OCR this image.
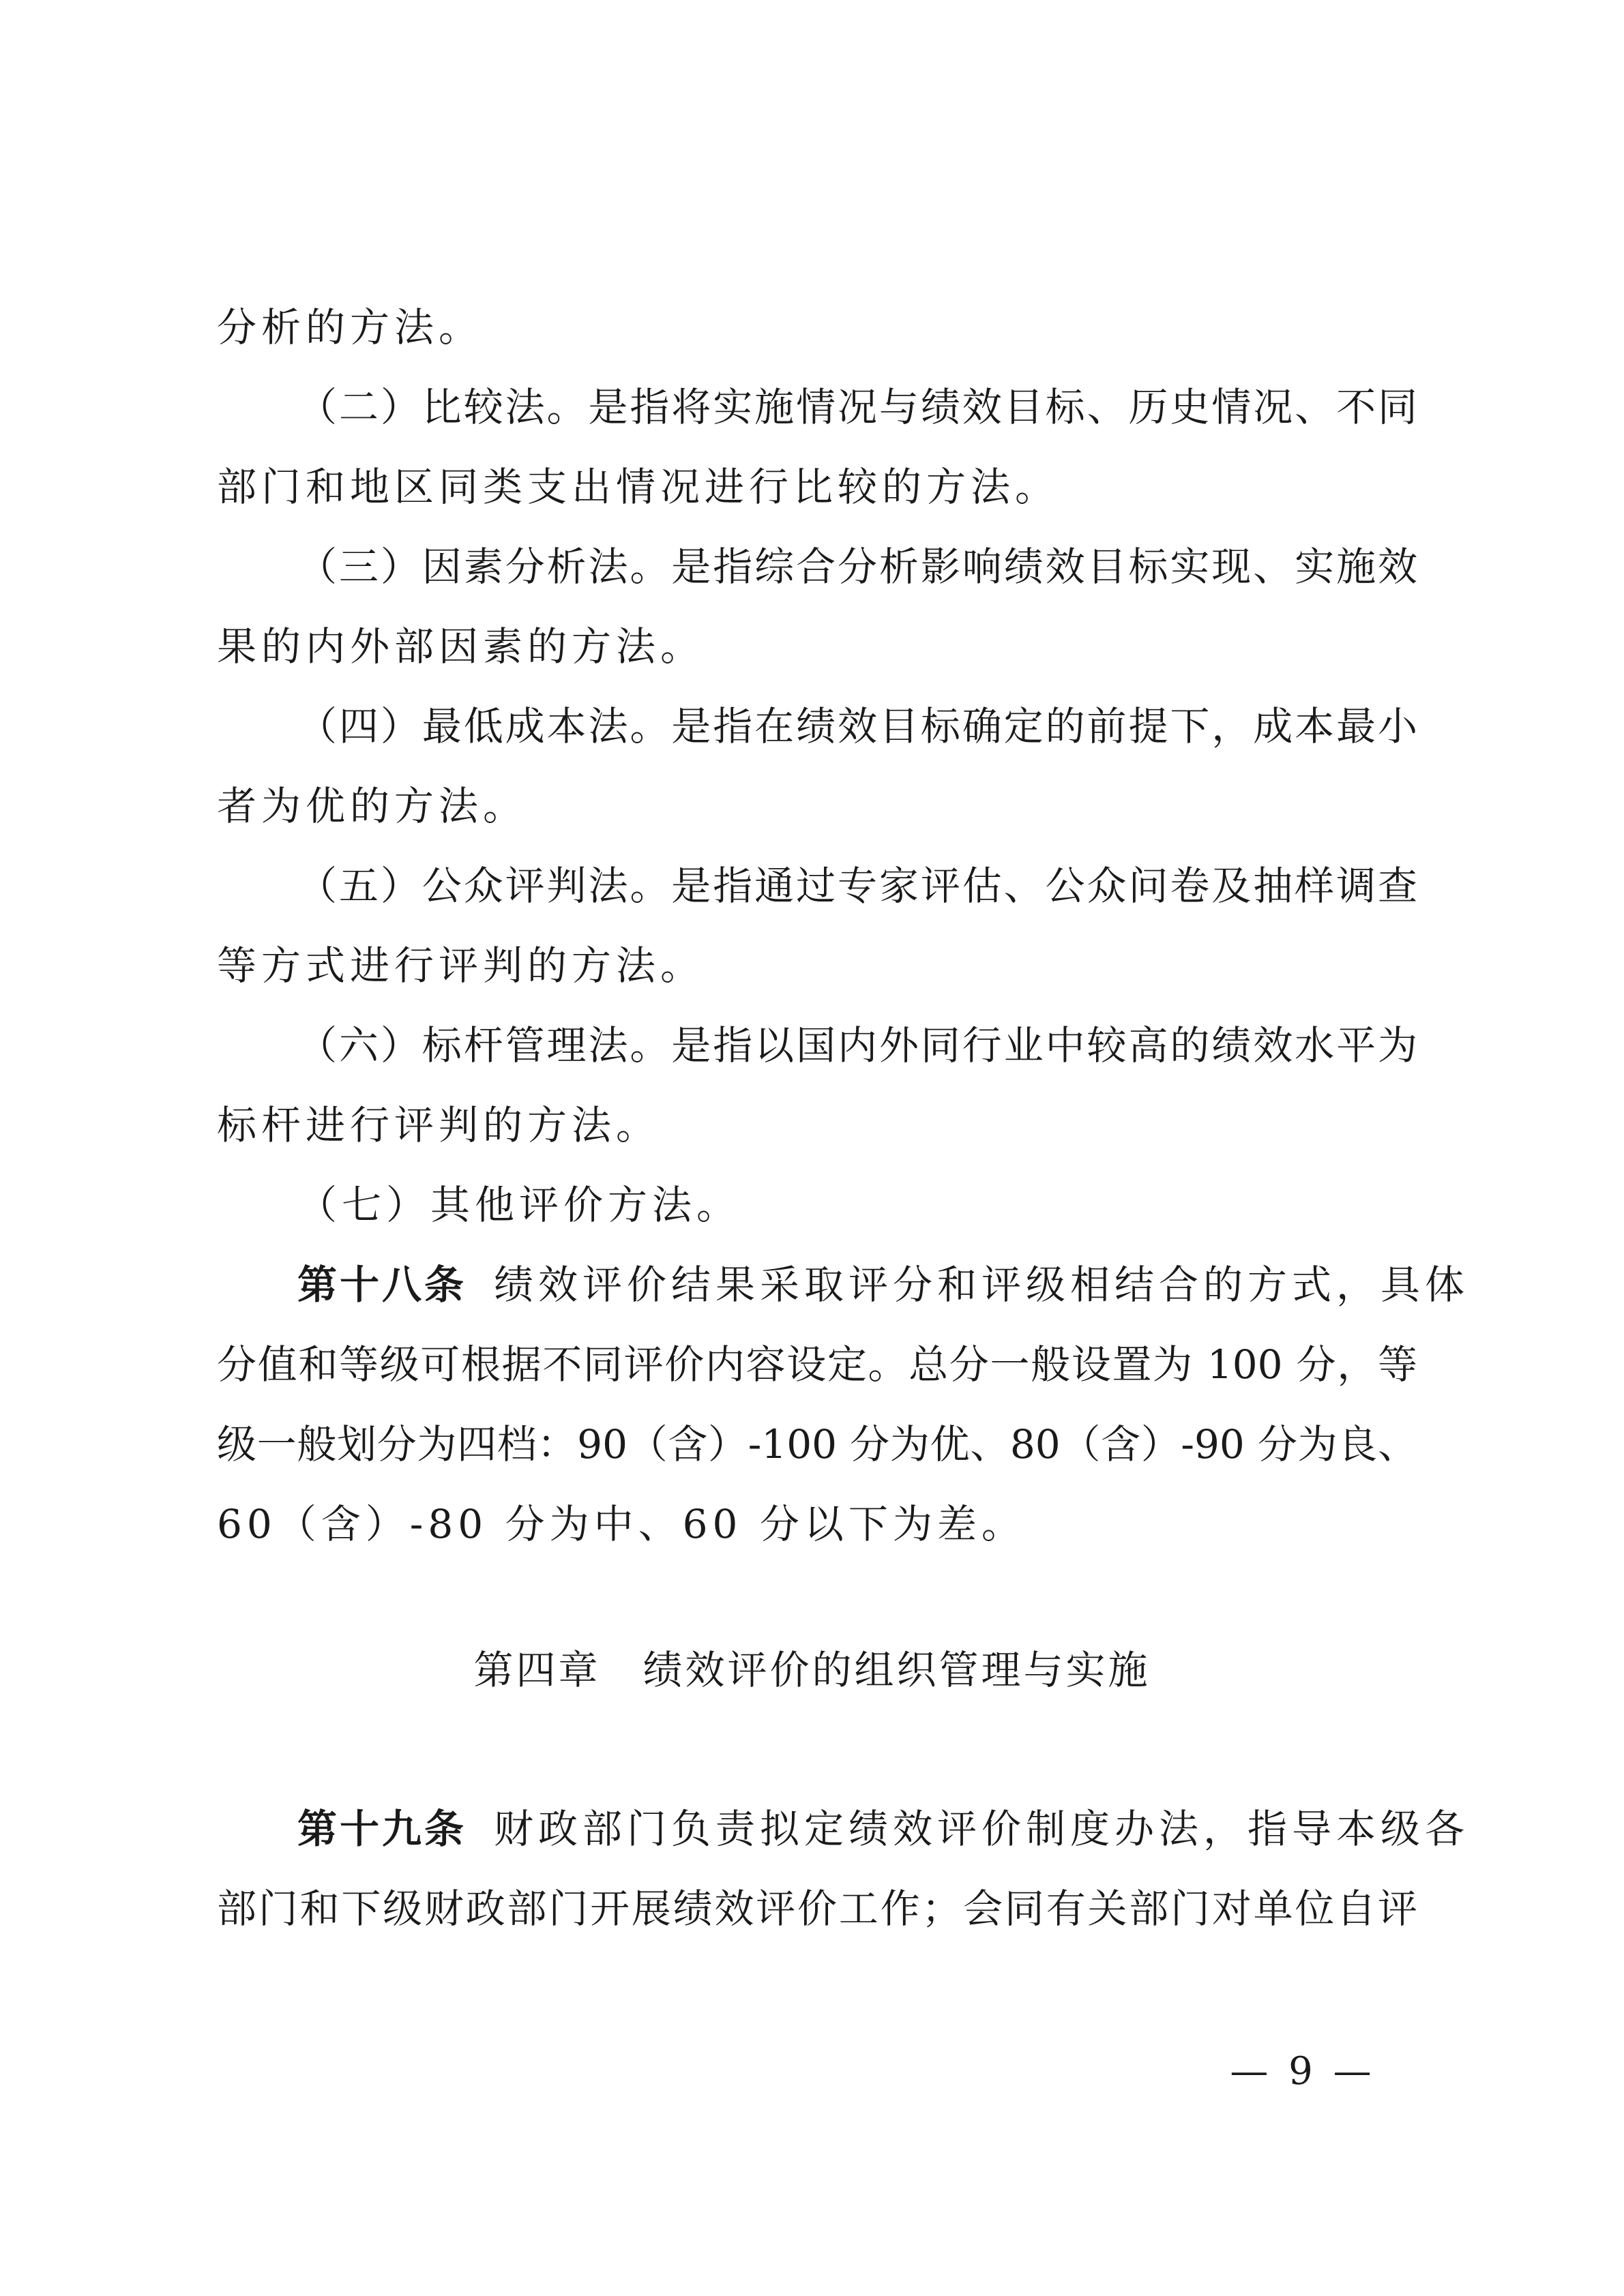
分析的方法。
（二）比较法。是指将实施情况与绩效目标、历史情况、不同
部门和地区同类支出情况进行比较的方法。
（三）因素分析法。是指综合分析影响绩效目标实现、实施效
果的内外部因素的方法。
（四）最低成本法。是指在绩效目标确定的前提下，成本最小
者为优的方法。
（五）公众评判法。是指通过专家评估、公众问卷及抽样调查
等方式进行评判的方法。
（六）标杆管理法。是指以国内外同行业中较高的绩效水平为
标杆进行评判的方法。
（七）其他评价方法。
第十八条 绩效评价结果采取评分和评级相结合的方式，具体
分值和等级可根据不同评价内容设定。总分一般设置为 100 分，等
级一般划分为四档：90（含）-100 分为优、80（含）-90 分为良、
60（含）-80 分为中、60 分以下为差。
第四章　绩效评价的组织管理与实施
第十九条 财政部门负责拟定绩效评价制度办法，指导本级各
部门和下级财政部门开展绩效评价工作；会同有关部门对单位自评
— 9 —
